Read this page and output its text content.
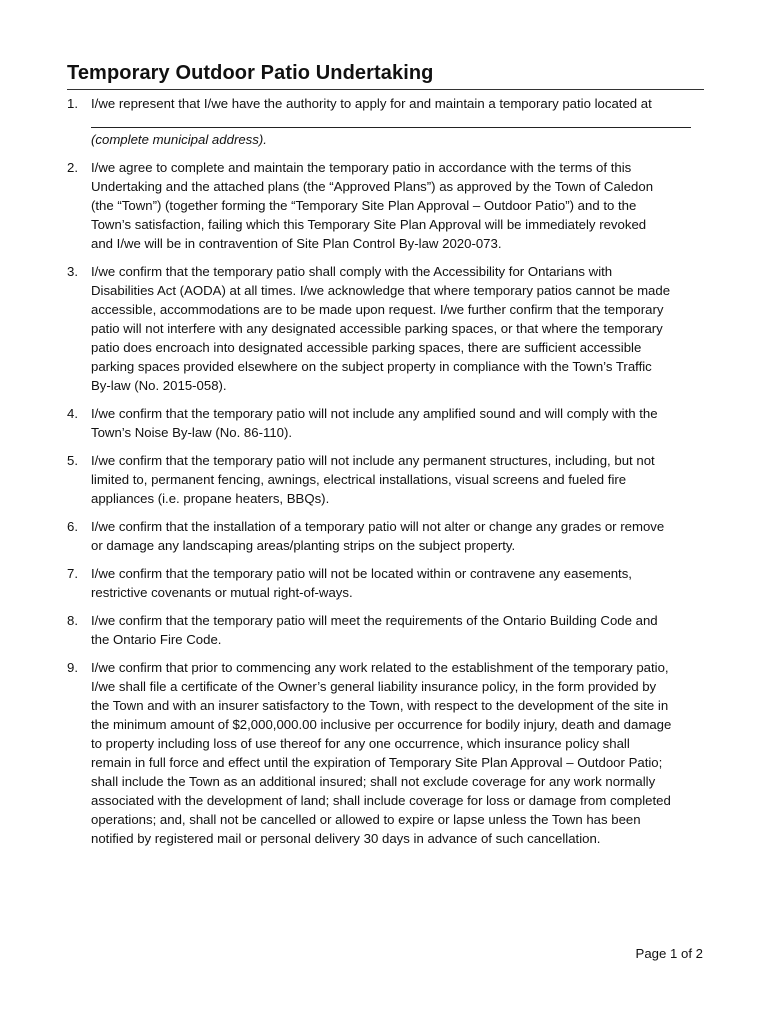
Temporary Outdoor Patio Undertaking
1. I/we represent that I/we have the authority to apply for and maintain a temporary patio located at
(complete municipal address).
2. I/we agree to complete and maintain the temporary patio in accordance with the terms of this
Undertaking and the attached plans (the “Approved Plans”) as approved by the Town of Caledon
(the “Town”) (together forming the “Temporary Site Plan Approval – Outdoor Patio”) and to the
Town’s satisfaction, failing which this Temporary Site Plan Approval will be immediately revoked
and I/we will be in contravention of Site Plan Control By-law 2020-073.
3. I/we confirm that the temporary patio shall comply with the Accessibility for Ontarians with
Disabilities Act (AODA) at all times. I/we acknowledge that where temporary patios cannot be made
accessible, accommodations are to be made upon request. I/we further confirm that the temporary
patio will not interfere with any designated accessible parking spaces, or that where the temporary
patio does encroach into designated accessible parking spaces, there are sufficient accessible
parking spaces provided elsewhere on the subject property in compliance with the Town’s Traffic
By-law (No. 2015-058).
4. I/we confirm that the temporary patio will not include any amplified sound and will comply with the
Town’s Noise By-law (No. 86-110).
5. I/we confirm that the temporary patio will not include any permanent structures, including, but not
limited to, permanent fencing, awnings, electrical installations, visual screens and fueled fire
appliances (i.e. propane heaters, BBQs).
6. I/we confirm that the installation of a temporary patio will not alter or change any grades or remove
or damage any landscaping areas/planting strips on the subject property.
7. I/we confirm that the temporary patio will not be located within or contravene any easements,
restrictive covenants or mutual right-of-ways.
8. I/we confirm that the temporary patio will meet the requirements of the Ontario Building Code and
the Ontario Fire Code.
9. I/we confirm that prior to commencing any work related to the establishment of the temporary patio,
I/we shall file a certificate of the Owner’s general liability insurance policy, in the form provided by
the Town and with an insurer satisfactory to the Town, with respect to the development of the site in
the minimum amount of $2,000,000.00 inclusive per occurrence for bodily injury, death and damage
to property including loss of use thereof for any one occurrence, which insurance policy shall
remain in full force and effect until the expiration of Temporary Site Plan Approval – Outdoor Patio;
shall include the Town as an additional insured; shall not exclude coverage for any work normally
associated with the development of land; shall include coverage for loss or damage from completed
operations; and, shall not be cancelled or allowed to expire or lapse unless the Town has been
notified by registered mail or personal delivery 30 days in advance of such cancellation.
Page 1 of 2
